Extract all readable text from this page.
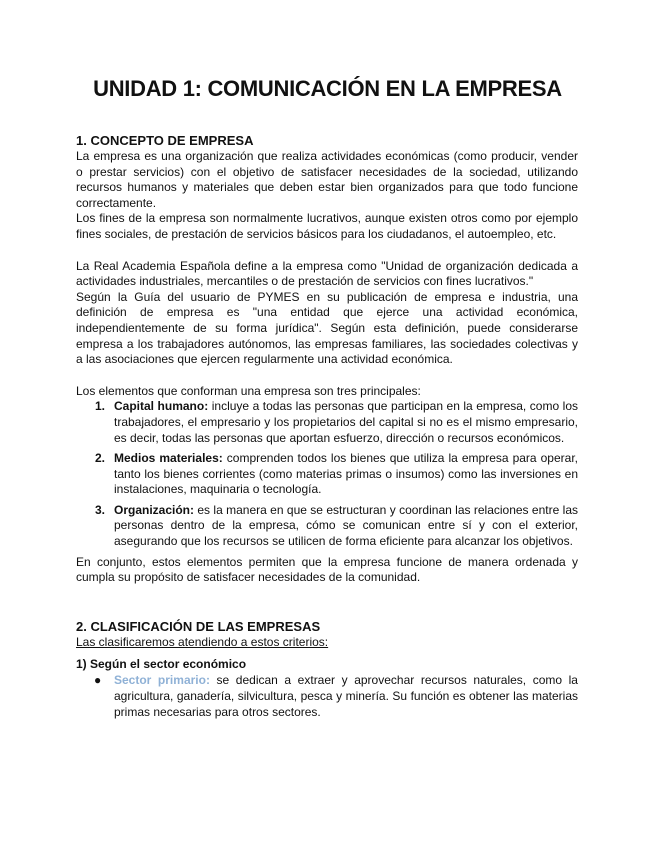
UNIDAD 1: COMUNICACIÓN EN LA EMPRESA
1. CONCEPTO DE EMPRESA

La empresa es una organización que realiza actividades económicas (como producir, vender o prestar servicios) con el objetivo de satisfacer necesidades de la sociedad, utilizando recursos humanos y materiales que deben estar bien organizados para que todo funcione correctamente.

Los fines de la empresa son normalmente lucrativos, aunque existen otros como por ejemplo fines sociales, de prestación de servicios básicos para los ciudadanos, el autoempleo, etc.

La Real Academia Española define a la empresa como "Unidad de organización dedicada a actividades industriales, mercantiles o de prestación de servicios con fines lucrativos."

Según la Guía del usuario de PYMES en su publicación de empresa e industria, una definición de empresa es "una entidad que ejerce una actividad económica, independientemente de su forma jurídica". Según esta definición, puede considerarse empresa a los trabajadores autónomos, las empresas familiares, las sociedades colectivas y a las asociaciones que ejercen regularmente una actividad económica.

Los elementos que conforman una empresa son tres principales:

1. Capital humano: incluye a todas las personas que participan en la empresa, como los trabajadores, el empresario y los propietarios del capital si no es el mismo empresario, es decir, todas las personas que aportan esfuerzo, dirección o recursos económicos.
2. Medios materiales: comprenden todos los bienes que utiliza la empresa para operar, tanto los bienes corrientes (como materias primas o insumos) como las inversiones en instalaciones, maquinaria o tecnología.
3. Organización: es la manera en que se estructuran y coordinan las relaciones entre las personas dentro de la empresa, cómo se comunican entre sí y con el exterior, asegurando que los recursos se utilicen de forma eficiente para alcanzar los objetivos.

En conjunto, estos elementos permiten que la empresa funcione de manera ordenada y cumpla su propósito de satisfacer necesidades de la comunidad.

2. CLASIFICACIÓN DE LAS EMPRESAS

Las clasificaremos atendiendo a estos criterios:

1) Según el sector económico
● Sector primario: se dedican a extraer y aprovechar recursos naturales, como la agricultura, ganadería, silvicultura, pesca y minería. Su función es obtener las materias primas necesarias para otros sectores.
